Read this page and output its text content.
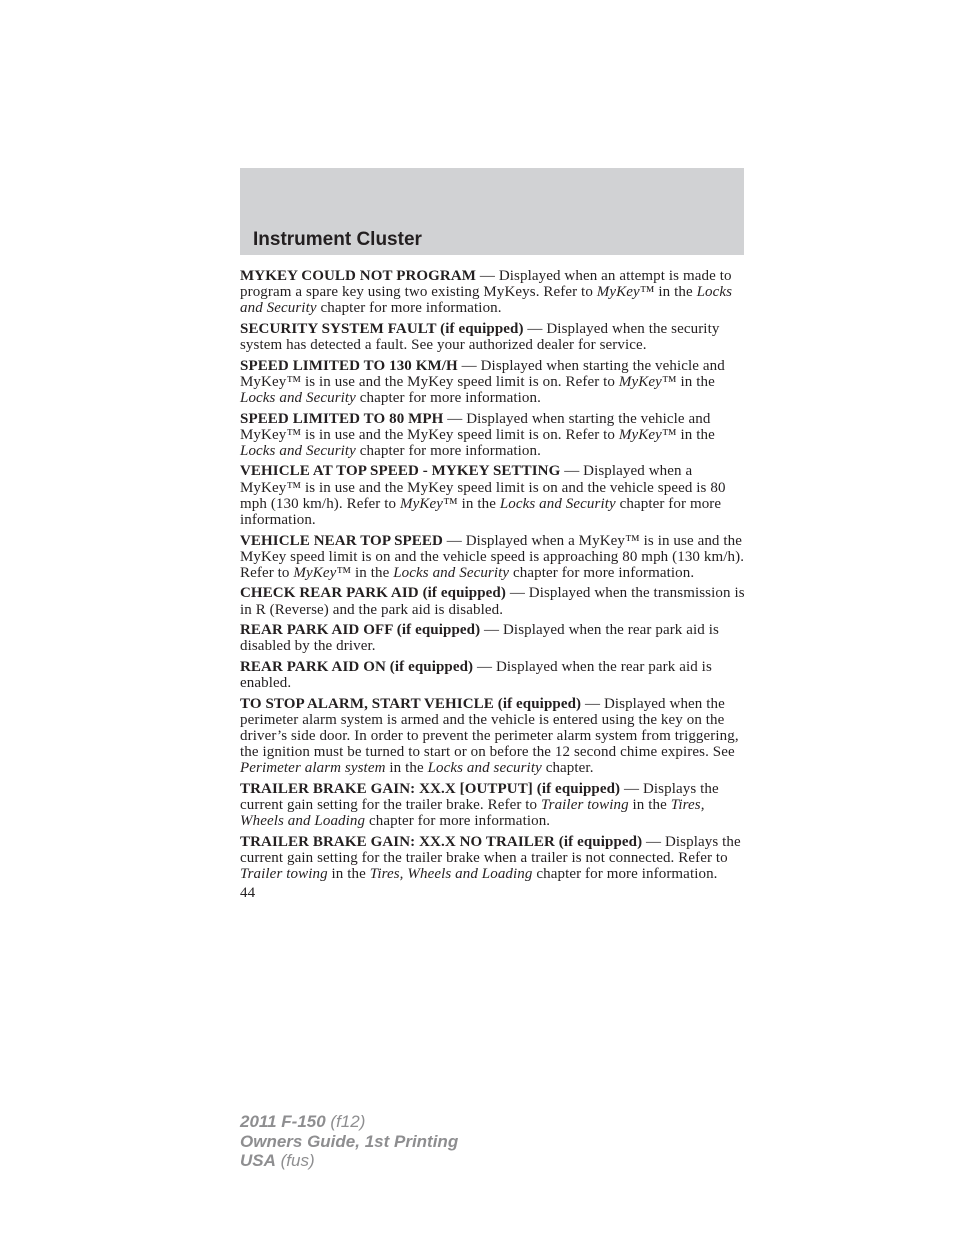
Instrument Cluster

MYKEY COULD NOT PROGRAM — Displayed when an attempt is made to program a spare key using two existing MyKeys. Refer to MyKey™ in the Locks and Security chapter for more information.

SECURITY SYSTEM FAULT (if equipped) — Displayed when the security system has detected a fault. See your authorized dealer for service.

SPEED LIMITED TO 130 KM/H — Displayed when starting the vehicle and MyKey™ is in use and the MyKey speed limit is on. Refer to MyKey™ in the Locks and Security chapter for more information.

SPEED LIMITED TO 80 MPH — Displayed when starting the vehicle and MyKey™ is in use and the MyKey speed limit is on. Refer to MyKey™ in the Locks and Security chapter for more information.

VEHICLE AT TOP SPEED - MYKEY SETTING — Displayed when a MyKey™ is in use and the MyKey speed limit is on and the vehicle speed is 80 mph (130 km/h). Refer to MyKey™ in the Locks and Security chapter for more information.

VEHICLE NEAR TOP SPEED — Displayed when a MyKey™ is in use and the MyKey speed limit is on and the vehicle speed is approaching 80 mph (130 km/h). Refer to MyKey™ in the Locks and Security chapter for more information.

CHECK REAR PARK AID (if equipped) — Displayed when the transmission is in R (Reverse) and the park aid is disabled.

REAR PARK AID OFF (if equipped) — Displayed when the rear park aid is disabled by the driver.

REAR PARK AID ON (if equipped) — Displayed when the rear park aid is enabled.

TO STOP ALARM, START VEHICLE (if equipped) — Displayed when the perimeter alarm system is armed and the vehicle is entered using the key on the driver’s side door. In order to prevent the perimeter alarm system from triggering, the ignition must be turned to start or on before the 12 second chime expires. See Perimeter alarm system in the Locks and security chapter.

TRAILER BRAKE GAIN: XX.X [OUTPUT] (if equipped) — Displays the current gain setting for the trailer brake. Refer to Trailer towing in the Tires, Wheels and Loading chapter for more information.

TRAILER BRAKE GAIN: XX.X NO TRAILER (if equipped) — Displays the current gain setting for the trailer brake when a trailer is not connected. Refer to Trailer towing in the Tires, Wheels and Loading chapter for more information.

44
2011 F-150 (f12)
Owners Guide, 1st Printing
USA (fus)
